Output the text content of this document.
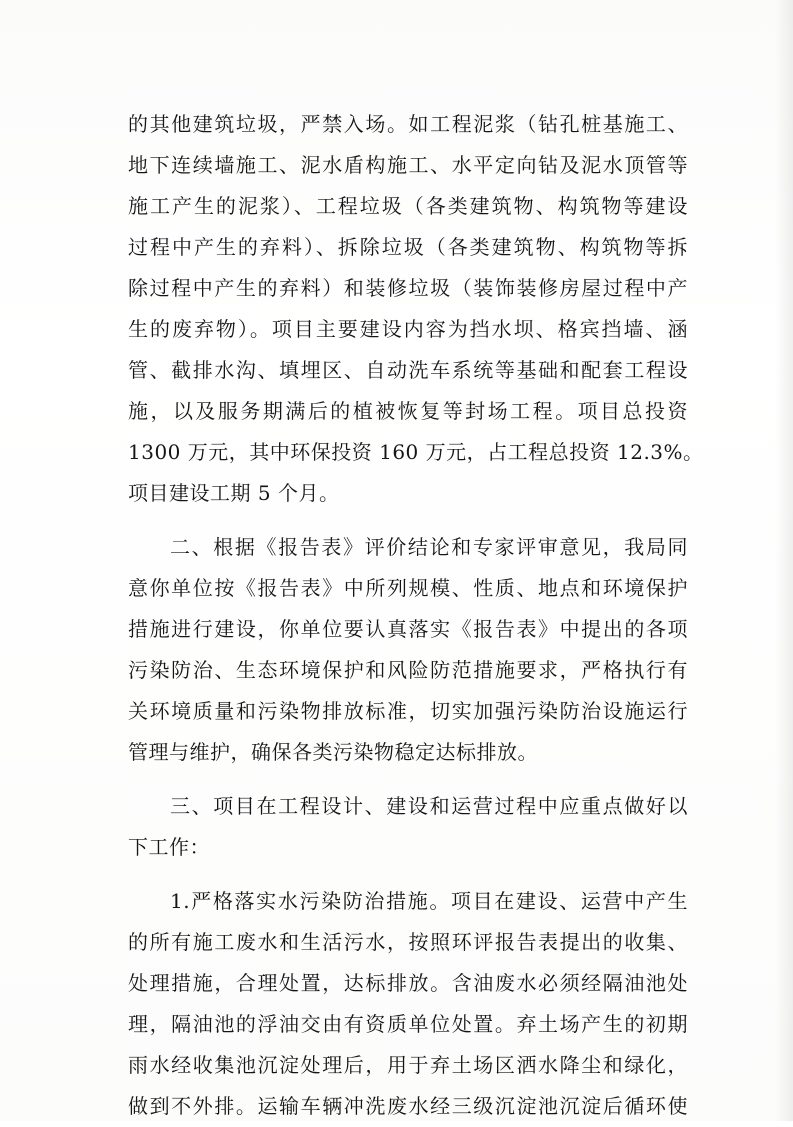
的其他建筑垃圾，严禁入场。如工程泥浆（钻孔桩基施工、
地下连续墙施工、泥水盾构施工、水平定向钻及泥水顶管等
施工产生的泥浆）、工程垃圾（各类建筑物、构筑物等建设
过程中产生的弃料）、拆除垃圾（各类建筑物、构筑物等拆
除过程中产生的弃料）和装修垃圾（装饰装修房屋过程中产
生的废弃物）。项目主要建设内容为挡水坝、格宾挡墙、涵
管、截排水沟、填埋区、自动洗车系统等基础和配套工程设
施，以及服务期满后的植被恢复等封场工程。项目总投资
1300 万元，其中环保投资 160 万元，占工程总投资 12.3%。
项目建设工期 5 个月。
二、根据《报告表》评价结论和专家评审意见，我局同
意你单位按《报告表》中所列规模、性质、地点和环境保护
措施进行建设，你单位要认真落实《报告表》中提出的各项
污染防治、生态环境保护和风险防范措施要求，严格执行有
关环境质量和污染物排放标准，切实加强污染防治设施运行
管理与维护，确保各类污染物稳定达标排放。
三、项目在工程设计、建设和运营过程中应重点做好以
下工作：
1.严格落实水污染防治措施。项目在建设、运营中产生
的所有施工废水和生活污水，按照环评报告表提出的收集、
处理措施，合理处置，达标排放。含油废水必须经隔油池处
理，隔油池的浮油交由有资质单位处置。弃土场产生的初期
雨水经收集池沉淀处理后，用于弃土场区洒水降尘和绿化，
做到不外排。运输车辆冲洗废水经三级沉淀池沉淀后循环使
